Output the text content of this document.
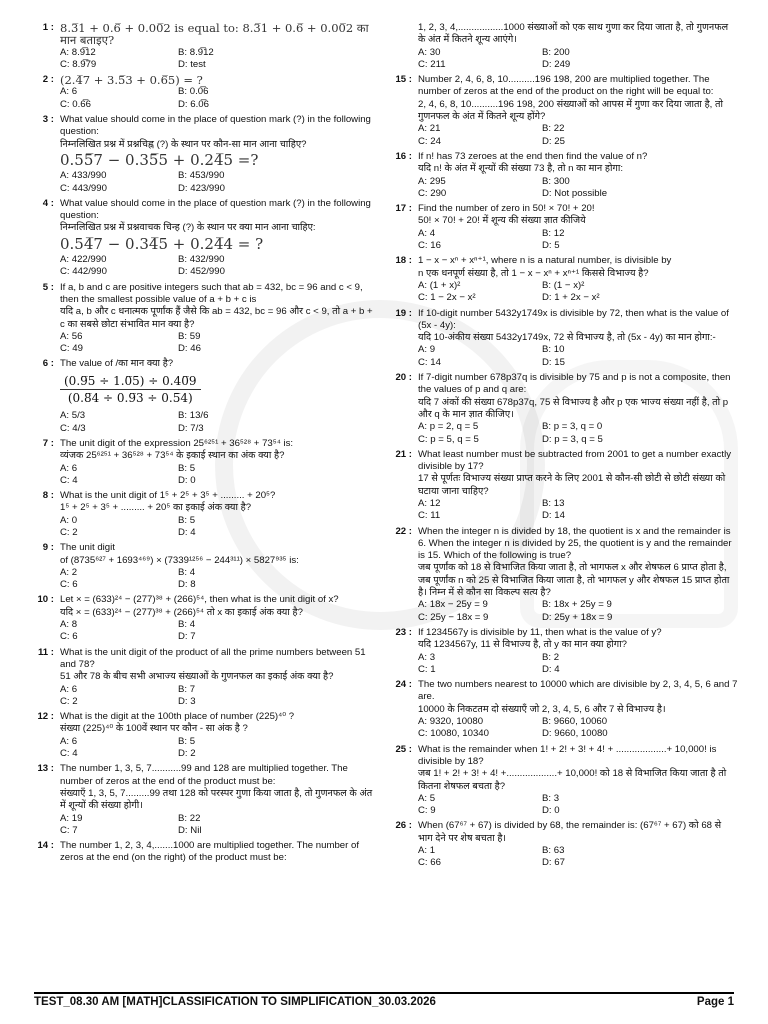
1 : 8.3̅1 + 0.6̅ + 0.00̅2 is equal to: 8.3̅1 + 0.6̅ + 0.00̅2 का मान बताइए?
A: 8.9̅12	B: 8.9̅12
C: 8.9̅79	D: test
2 : (2.4̅7 + 3.5̅3 + 0.6̅5) = ?
A: 6	B: 0.0̅6
C: 0.6̅6	D: 6.0̅6
3 : What value should come in the place of question mark (?) in the following question:
निम्नलिखित प्रश्न में प्रश्नचिह्न (?) के स्थान पर कौन-सा मान आना चाहिए?
0.55̅7 − 0.35̅5 + 0.24̅5 =?
A: 433/990	B: 453/990
C: 443/990	D: 423/990
4 : What value should come in the place of question mark (?) in the following question:
निम्नलिखित प्रश्न में प्रश्नवाचक चिन्ह (?) के स्थान पर क्या मान आना चाहिए:
0.54̅7 − 0.34̅5 + 0.24̅4 = ?
A: 422/990	B: 432/990
C: 442/990	D: 452/990
5 : If a, b and c are positive integers such that ab = 432, bc = 96 and c < 9, then the smallest possible value of a + b + c is
यदि a, b और c धनात्मक पूर्णांक हैं जैसे कि ab = 432, bc = 96 और c < 9, तो a + b + c का सबसे छोटा संभावित मान क्या है?
A: 56	B: 59
C: 49	D: 46
6 : The value of /का मान क्या है?
$\frac{(0.9̅5 \div 1.0̅5) \div 0.40̅9}{(0.8̅4 \div 0.9̅3 \div 0.5̅4)}$
A: 5/3	B: 13/6
C: 4/3	D: 7/3
7 : The unit digit of the expression 25⁶²⁵¹ + 36⁵²⁸ + 73⁵⁴ is:
व्यंजक 25⁶²⁵¹ + 36⁵²⁸ + 73⁵⁴ के इकाई स्थान का अंक क्या है?
A: 6	B: 5
C: 4	D: 0
8 : What is the unit digit of 1⁵ + 2⁵ + 3⁵ + ......... + 20⁵?
1⁵ + 2⁵ + 3⁵ + ......... + 20⁵ का इकाई अंक क्या है?
A: 0	B: 5
C: 2	D: 4
9 : The unit digit
of (8735⁶²⁷ + 1693⁴⁶⁹) × (7339¹²⁵⁶ − 244³¹¹) × 5827⁹³⁵ is:
A: 2	B: 4
C: 6	D: 8
10 : Let × = (633)²⁴ − (277)³⁸ + (266)⁵⁴, then what is the unit digit of x?
यदि × = (633)²⁴ − (277)³⁸ + (266)⁵⁴ तो x का इकाई अंक क्या है?
A: 8	B: 4
C: 6	D: 7
11 : What is the unit digit of the product of all the prime numbers between 51 and 78?
51 और 78 के बीच सभी अभाज्य संख्याओं के गुणनफल का इकाई अंक क्या है?
A: 6	B: 7
C: 2	D: 3
12 : What is the digit at the 100th place of number (225)⁴⁰ ?
संख्या (225)⁴⁰ के 100वें स्थान पर कौन - सा अंक है ?
A: 6	B: 5
C: 4	D: 2
13 : The number 1, 3, 5, 7...........99 and 128 are multiplied together. The number of zeros at the end of the product must be:
संख्याएँ 1, 3, 5, 7.........99 तथा 128 को परस्पर गुणा किया जाता है, तो गुणनफल के अंत में शून्यों की संख्या होगी।
A: 19	B: 22
C: 7	D: Nil
14 : The number 1, 2, 3, 4,.......1000 are multiplied together. The number of zeros at the end (on the right) of the product must be:
1, 2, 3, 4,.................1000 संख्याओं को एक साथ गुणा कर दिया जाता है, तो गुणनफल के अंत में कितने शून्य आएंगे।
A: 30	B: 200
C: 211	D: 249
15 : Number 2, 4, 6, 8, 10..........196 198, 200 are multiplied together. The number of zeros at the end of the product on the right will be equal to:
2, 4, 6, 8, 10..........196 198, 200 संख्याओं को आपस में गुणा कर दिया जाता है, तो गुणनफल के अंत में कितने शून्य होंगे?
A: 21	B: 22
C: 24	D: 25
16 : If n! has 73 zeroes at the end then find the value of n?
यदि n! के अंत में शून्यों की संख्या 73 है, तो n का मान होगा:
A: 295	B: 300
C: 290	D: Not possible
17 : Find the number of zero in 50! × 70! + 20!
50! × 70! + 20! में शून्य की संख्या ज्ञात कीजिये
A: 4	B: 12
C: 16	D: 5
18 : 1 − x − xⁿ + xⁿ⁺¹, where n is a natural number, is divisible by
n एक धनपूर्ण संख्या है, तो 1 − x − xⁿ + xⁿ⁺¹ किससे विभाज्य है?
A: (1 + x)²	B: (1 − x)²
C: 1 − 2x − x²	D: 1 + 2x − x²
19 : If 10-digit number 5432y1749x is divisible by 72, then what is the value of (5x - 4y):
यदि 10-अंकीय संख्या 5432y1749x, 72 से विभाज्य है, तो (5x - 4y) का मान होगा:-
A: 9	B: 10
C: 14	D: 15
20 : If 7-digit number 678p37q is divisible by 75 and p is not a composite, then the values of p and q are:
यदि 7 अंकों की संख्या 678p37q, 75 से विभाज्य है और p एक भाज्य संख्या नहीं है, तो p और q के मान ज्ञात कीजिए।
A: p = 2, q = 5	B: p = 3, q = 0
C: p = 5, q = 5	D: p = 3, q = 5
21 : What least number must be subtracted from 2001 to get a number exactly divisible by 17?
17 से पूर्णतः विभाज्य संख्या प्राप्त करने के लिए 2001 से कौन-सी छोटी से छोटी संख्या को घटाया जाना चाहिए?
A: 12	B: 13
C: 11	D: 14
22 : When the integer n is divided by 18, the quotient is x and the remainder is 6. When the integer n is divided by 25, the quotient is y and the remainder is 15. Which of the following is true?
जब पूर्णांक को 18 से विभाजित किया जाता है, तो भागफल x और शेषफल 6 प्राप्त होता है, जब पूर्णांक n को 25 से विभाजित किया जाता है, तो भागफल y और शेषफल 15 प्राप्त होता है। निम्न में से कौन सा विकल्प सत्य है?
A: 18x − 25y = 9	B: 18x + 25y = 9
C: 25y − 18x = 9	D: 25y + 18x = 9
23 : If 1234567y is divisible by 11, then what is the value of y?
यदि 1234567y, 11 से विभाज्य है, तो y का मान क्या होगा?
A: 3	B: 2
C: 1	D: 4
24 : The two numbers nearest to 10000 which are divisible by 2, 3, 4, 5, 6 and 7 are.
10000 के निकटतम दो संख्याएँ जो 2, 3, 4, 5, 6 और 7 से विभाज्य है।
A: 9320, 10080	B: 9660, 10060
C: 10080, 10340	D: 9660, 10080
25 : What is the remainder when 1! + 2! + 3! + 4! + ...................+ 10,000! is divisible by 18?
जब 1! + 2! + 3! + 4! +...................+ 10,000! को 18 से विभाजित किया जाता है तो कितना शेषफल बचता है?
A: 5	B: 3
C: 9	D: 0
26 : When (67⁶⁷ + 67) is divided by 68, the remainder is: (67⁶⁷ + 67) को 68 से भाग देने पर शेष बचता है।
A: 1	B: 63
C: 66	D: 67
TEST_08.30 AM [MATH]CLASSIFICATION TO SIMPLIFICATION_30.03.2026	Page 1
